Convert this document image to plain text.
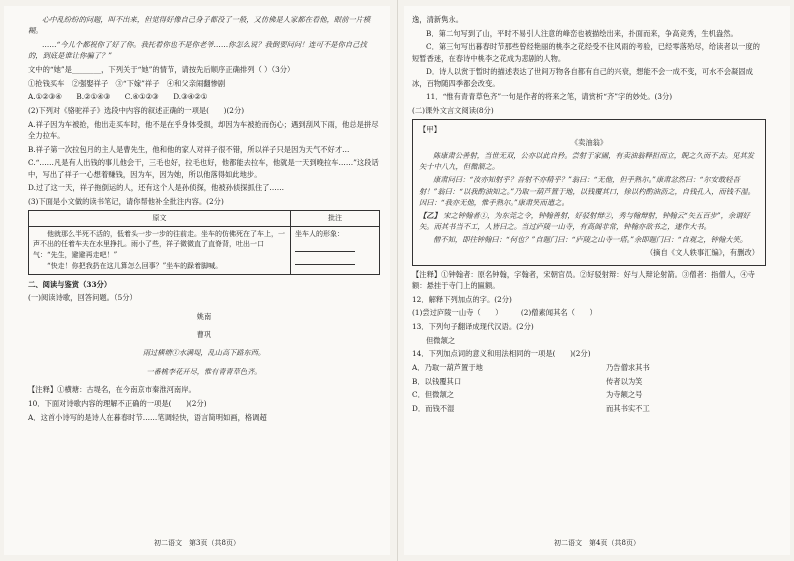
心中乱纷纷的问题，叫不出来，但觉得好像自己身子都没了一般，又仿佛是人家都在看他，眼前一片模糊。

……“今儿个都祝你了好了你。我托着你也不是你老爷……你怎么说？我倒要问问！连可不是你自己找的，到底是谁让你骗了？”

文中的“她”是________，下列关于“她”的情节，请按先后顺序正确排列（ ）（3分）

①抢钱买车　②强娶祥子　③“下嫁”祥子　④和父亲闹翻惨剧

A.①②③④　　B.②①④③　　C.④①②③　　D.③④②①

(2)下列对《骆驼祥子》选段中内容的叙述正确的一项是(　　)(2分)

A.祥子因为车被抢，他出走买车时，他不是在乎身体受损，却因为车被抢而伤心；遇到刮风下雨，他总是拼尽全力拉车。

B.祥子第一次拉包月的主人是曹先生，他和他的家人对祥子很不错，所以祥子只是因为天气不好才…

C.“……凡是有人出钱的事儿他会干，三毛也好，拉毛也好，他都能去拉车，他就是一天到晚拉车……”这段话中，写出了祥子一心想着赚钱，因为车，因为她，所以他落得如此地步。

D.过了这一天，祥子拖倒运的人，还有这个人是孙侦探，他被孙侦探抓住了……

(3)下面是小文做的读书笔记，请你帮他补全批注内容。(2分)

原文	批注

他就那么半死不活的，低着头一步一步的往前走。坐车的仿佛死在了车上，一声不出的任着车夫在水里挣扎。雨小了些，祥子微微直了直脊背，吐出一口气：“先生，避避再走吧！”
“快走！你把我扔在这儿算怎么回事？”坐车的跺着脚喊。	坐车人的形象：

二、阅读与鉴赏（33分）

(一)阅读诗歌，回答问题。（5分）

姚南

曹巩

雨过横塘①水满堤，乱山高下路东西。

一番桃李花开尽，惟有青青草色齐。

【注释】①横塘：古堤名，在今南京市秦淮河南岸。

10．下面对诗歌内容的理解不正确的一项是(　　)(2分)

A．这首小诗写的是诗人在暮春时节……笔调轻快，语言简明如画，格调超

初二语文　第3页（共8页）

逸，清新隽永。

B．第二句写到了山，平时不易引人注意的峰峦也被描绘出来，扑面而来，争高竞秀，生机盎然。

C．第三句写出暮春时节那些曾经艳丽的桃李之花经受不住风雨的考验，已经零落殆尽，给读者以一度的短暂香迷，在春诗中桃李之花成为悲剧的人物。

D．诗人以赏于暂时的描述表达了世间万物各自都有自己的兴衰，想能不会一成不变，可水不会凝固成冰，百物随四季都会改变。

11．“惟有青青草色齐”一句是作者的将来之笔，请赏析“齐”字的妙处。(3分)

(二)课外文言文阅读(8分)

【甲】
《卖油翁》

陈康肃公善射，当世无双，公亦以此自矜。尝射于家圃，有卖油翁释担而立，睨之久而不去。见其发矢十中八九，但微颔之。

康肃问曰：“汝亦知射乎？吾射不亦精乎？”翁曰：“无他，但手熟尔。”康肃忿然曰：“尔安敢轻吾射！”翁曰：“以我酌油知之。”乃取一葫芦置于地，以钱覆其口，徐以杓酌油沥之，自钱孔入，而钱不湿。因曰：“我亦无他，惟手熟尔。”康肃笑而遣之。

【乙】 宋之钟翰者①，为东莞之令，钟翰善射，好驳射辩②，秀与翰辩射，钟翰云“矢五百步”，余谓好矢。而其书当不工，人皆曰之。当过庐陵一山寺，有高阁非常，钟翰亦欲书之，遂作大书。

僧不知，即往钟翰曰：“何也？”自题门曰：“庐陵之山寺一塔。”余即题门曰：“自观之，钟翰大笑。

（摘自《文人轶事汇编》，有删改）

【注释】①钟翰者：原名钟翰，字翰者，宋朝官员。②好驳射辩：好与人辩论射箭。③僧者：指僧人，④寺额：悬挂于寺门上的匾额。

12．解释下列加点的字。(2分)

(1)尝过庐陵一山寺（　　）　　　(2)僧素闻其名（　　）

13．下列句子翻译成现代汉语。(2分)

但微颔之

14．下列加点词的意义和用法相同的一项是(　　)(2分)

A．乃取一葫芦置于地	乃告僧求其书
B．以钱覆其口	传者以为笑
C．但微颔之	为寺额之号
D．而钱不湿	而其书实不工
初二语文　第4页（共8页）
